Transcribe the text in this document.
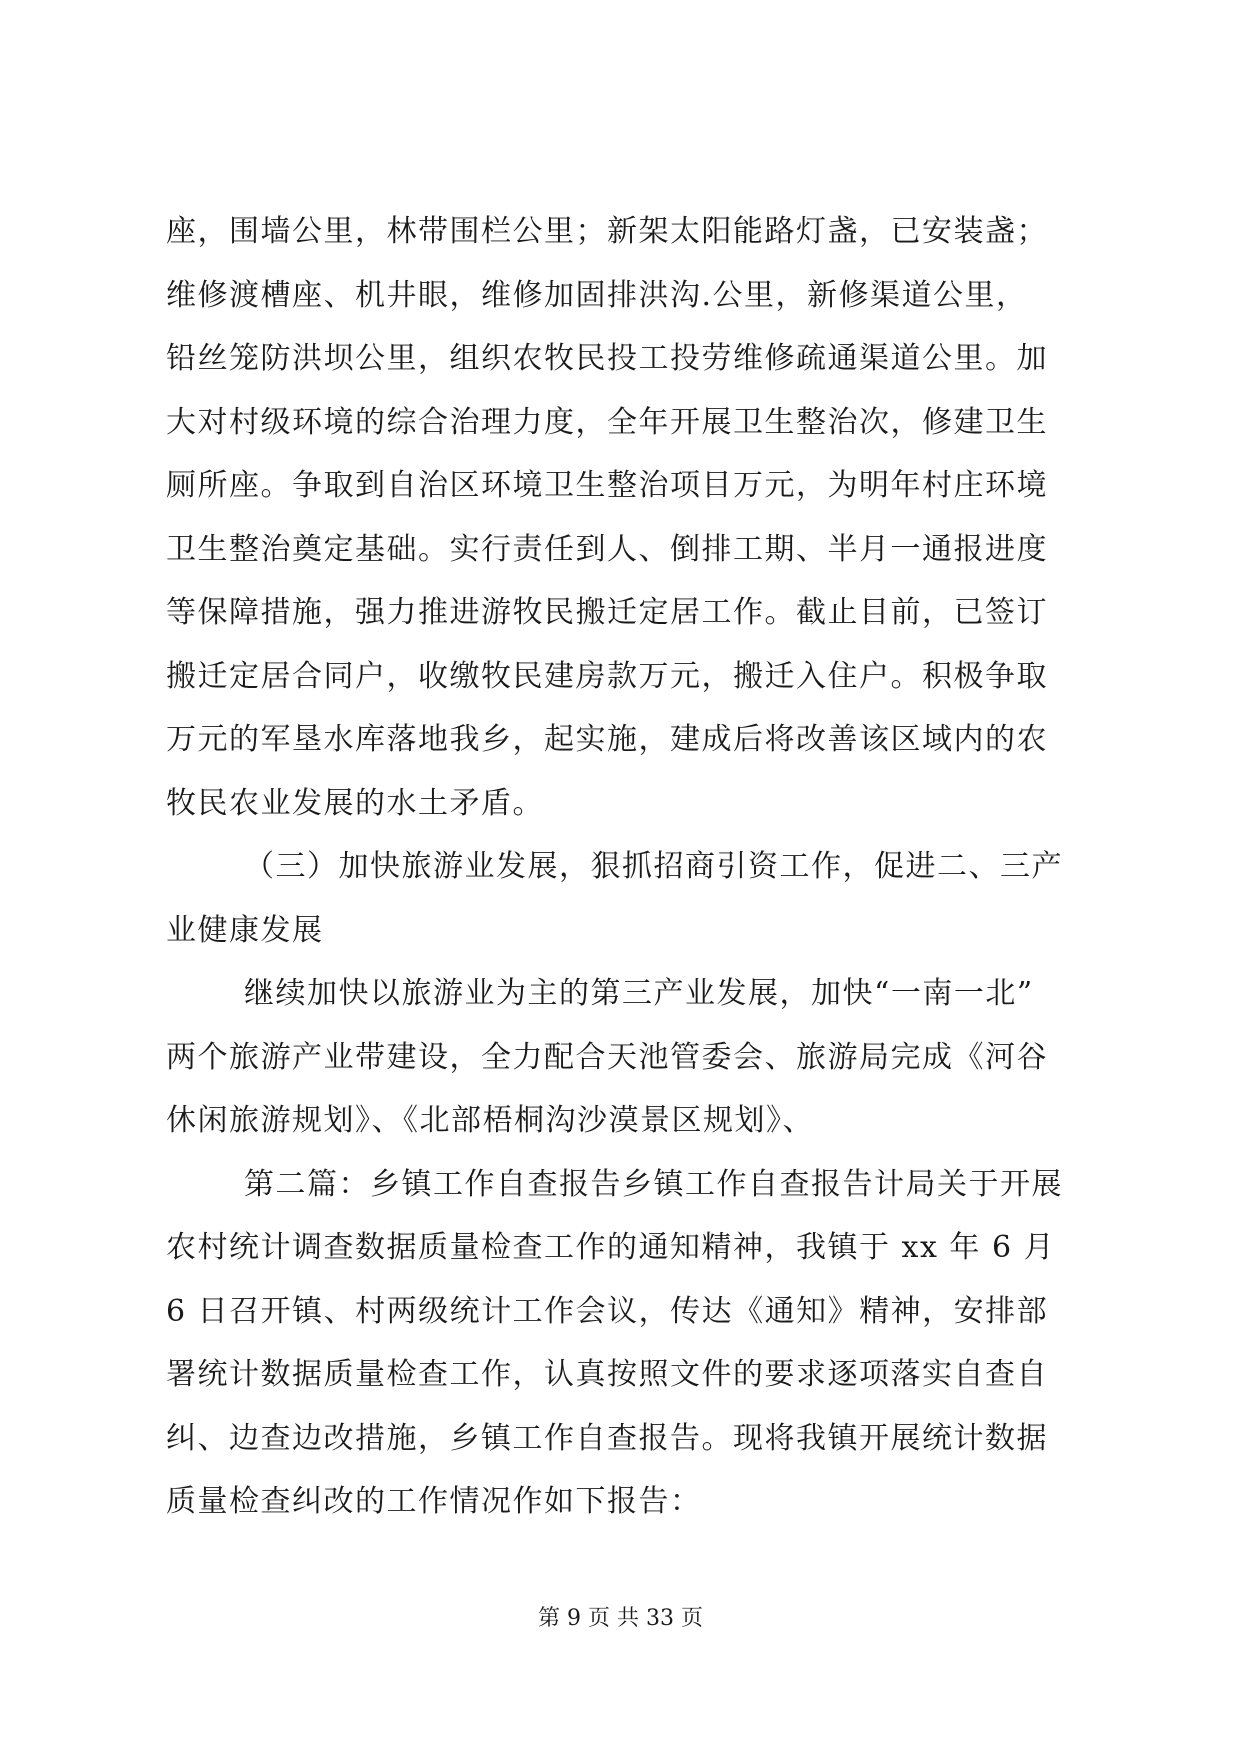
座，围墙公里，林带围栏公里；新架太阳能路灯盏，已安装盏；
维修渡槽座、机井眼，维修加固排洪沟.公里，新修渠道公里，
铅丝笼防洪坝公里，组织农牧民投工投劳维修疏通渠道公里。加
大对村级环境的综合治理力度，全年开展卫生整治次，修建卫生
厕所座。争取到自治区环境卫生整治项目万元，为明年村庄环境
卫生整治奠定基础。实行责任到人、倒排工期、半月一通报进度
等保障措施，强力推进游牧民搬迁定居工作。截止目前，已签订
搬迁定居合同户，收缴牧民建房款万元，搬迁入住户。积极争取
万元的军垦水库落地我乡，起实施，建成后将改善该区域内的农
牧民农业发展的水土矛盾。
（三）加快旅游业发展，狠抓招商引资工作，促进二、三产
业健康发展
继续加快以旅游业为主的第三产业发展，加快“一南一北”
两个旅游产业带建设，全力配合天池管委会、旅游局完成《河谷
休闲旅游规划》、《北部梧桐沟沙漠景区规划》、
第二篇：乡镇工作自查报告乡镇工作自查报告计局关于开展
农村统计调查数据质量检查工作的通知精神，我镇于 xx 年 6 月
6 日召开镇、村两级统计工作会议，传达《通知》精神，安排部
署统计数据质量检查工作，认真按照文件的要求逐项落实自查自
纠、边查边改措施，乡镇工作自查报告。现将我镇开展统计数据
质量检查纠改的工作情况作如下报告：
第 9 页 共 33 页
